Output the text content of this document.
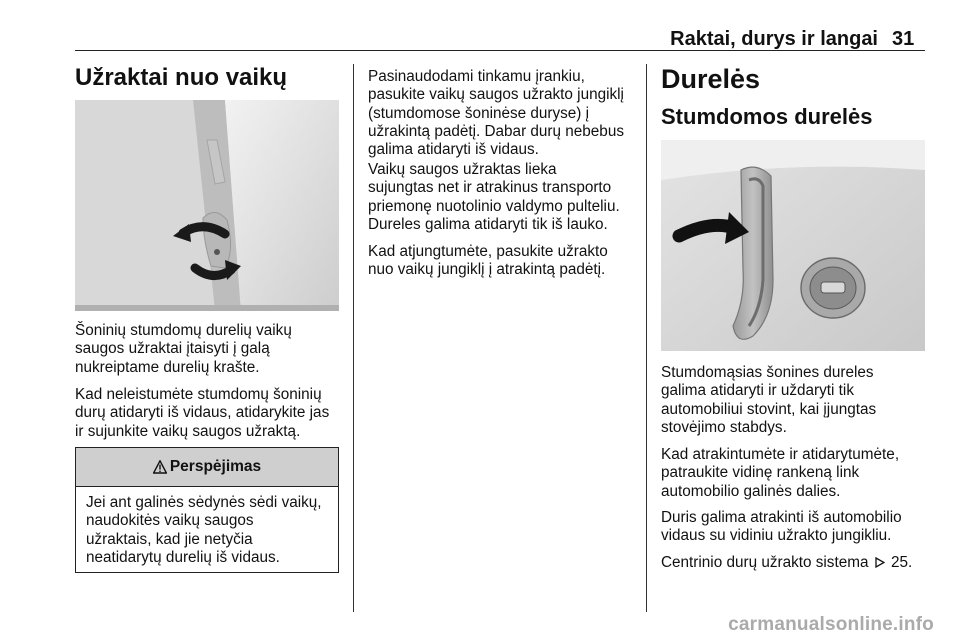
Raktai, durys ir langai 31
Užraktai nuo vaikų
Šoninių stumdomų durelių vaikų
saugos užraktai įtaisyti į galą
nukreiptame durelių krašte.
Kad neleistumėte stumdomų šoninių
durų atidaryti iš vidaus, atidarykite jas
ir sujunkite vaikų saugos užraktą.
Perspėjimas
Jei ant galinės sėdynės sėdi vaikų,
naudokitės vaikų saugos
užraktais, kad jie netyčia
neatidarytų durelių iš vidaus.
Pasinaudodami tinkamu įrankiu,
pasukite vaikų saugos užrakto jungiklį
(stumdomose šoninėse duryse) į
užrakintą padėtį. Dabar durų nebebus
galima atidaryti iš vidaus.
Vaikų saugos užraktas lieka
sujungtas net ir atrakinus transporto
priemonę nuotolinio valdymo pulteliu.
Dureles galima atidaryti tik iš lauko.
Kad atjungtumėte, pasukite užrakto
nuo vaikų jungiklį į atrakintą padėtį.
Durelės
Stumdomos durelės
Stumdomąsias šonines dureles
galima atidaryti ir uždaryti tik
automobiliui stovint, kai įjungtas
stovėjimo stabdys.
Kad atrakintumėte ir atidarytumėte,
patraukite vidinę rankeną link
automobilio galinės dalies.
Duris galima atrakinti iš automobilio
vidaus su vidiniu užrakto jungikliu.
Centrinio durų užrakto sistema 25.
carmanualsonline.info
